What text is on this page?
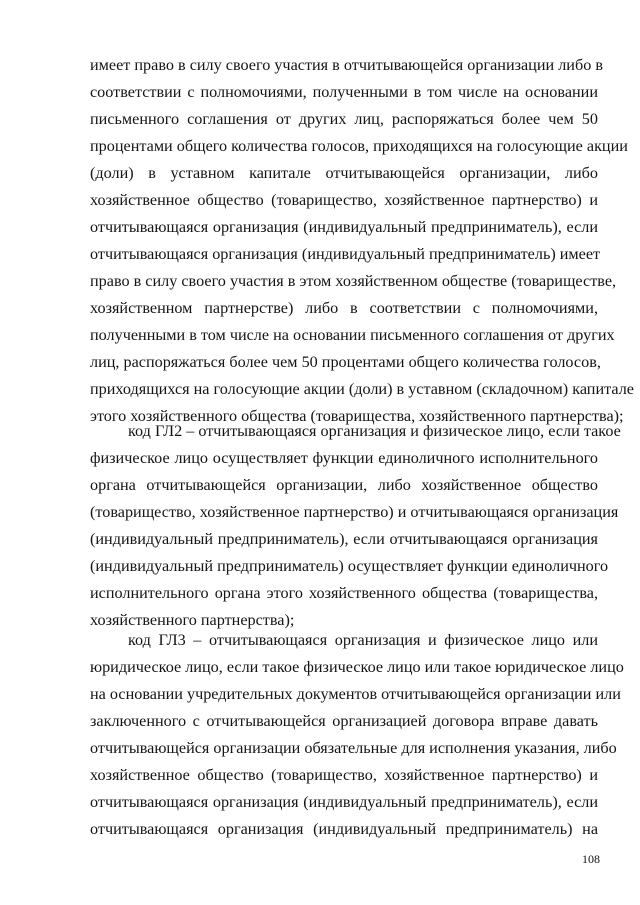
имеет право в силу своего участия в отчитывающейся организации либо в
соответствии с полномочиями, полученными в том числе на основании
письменного соглашения от других лиц, распоряжаться более чем 50
процентами общего количества голосов, приходящихся на голосующие акции
(доли) в уставном капитале отчитывающейся организации, либо
хозяйственное общество (товарищество, хозяйственное партнерство) и
отчитывающаяся организация (индивидуальный предприниматель), если
отчитывающаяся организация (индивидуальный предприниматель) имеет
право в силу своего участия в этом хозяйственном обществе (товариществе,
хозяйственном партнерстве) либо в соответствии с полномочиями,
полученными в том числе на основании письменного соглашения от других
лиц, распоряжаться более чем 50 процентами общего количества голосов,
приходящихся на голосующие акции (доли) в уставном (складочном) капитале
этого хозяйственного общества (товарищества, хозяйственного партнерства);
код ГЛ2 – отчитывающаяся организация и физическое лицо, если такое
физическое лицо осуществляет функции единоличного исполнительного
органа отчитывающейся организации, либо хозяйственное общество
(товарищество, хозяйственное партнерство) и отчитывающаяся организация
(индивидуальный предприниматель), если отчитывающаяся организация
(индивидуальный предприниматель) осуществляет функции единоличного
исполнительного органа этого хозяйственного общества (товарищества,
хозяйственного партнерства);
код ГЛ3 – отчитывающаяся организация и физическое лицо или
юридическое лицо, если такое физическое лицо или такое юридическое лицо
на основании учредительных документов отчитывающейся организации или
заключенного с отчитывающейся организацией договора вправе давать
отчитывающейся организации обязательные для исполнения указания, либо
хозяйственное общество (товарищество, хозяйственное партнерство) и
отчитывающаяся организация (индивидуальный предприниматель), если
отчитывающаяся организация (индивидуальный предприниматель) на
108
